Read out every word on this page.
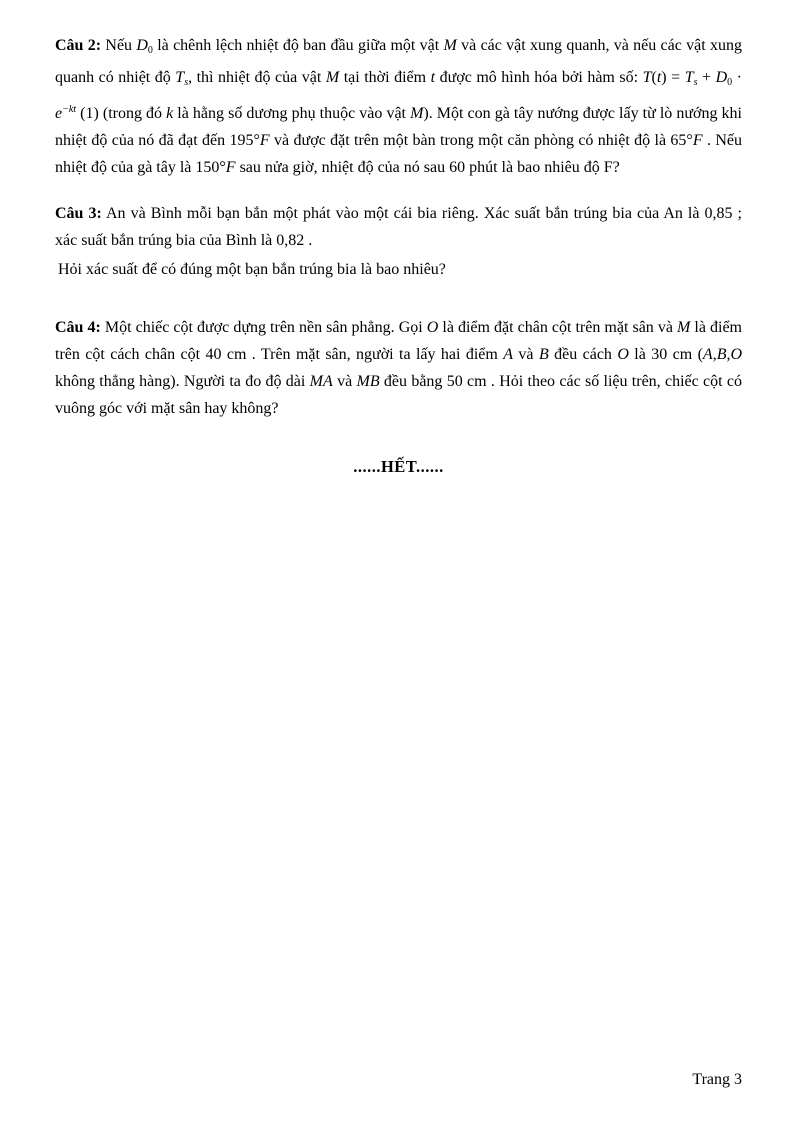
Câu 2: Nếu D0 là chênh lệch nhiệt độ ban đầu giữa một vật M và các vật xung quanh, và nếu các vật xung quanh có nhiệt độ Ts, thì nhiệt độ của vật M tại thời điểm t được mô hình hóa bởi hàm số: $T(t) = Ts + D0 \cdot e^{-kt}$ (1) (trong đó k là hằng số dương phụ thuộc vào vật M). Một con gà tây nướng được lấy từ lò nướng khi nhiệt độ của nó đã đạt đến 195°F và được đặt trên một bàn trong một căn phòng có nhiệt độ là 65°F . Nếu nhiệt độ của gà tây là 150°F sau nửa giờ, nhiệt độ của nó sau 60 phút là bao nhiêu độ F?

Câu 3: An và Bình mỗi bạn bắn một phát vào một cái bia riêng. Xác suất bắn trúng bia của An là 0,85 ; xác suất bắn trúng bia của Bình là 0,82 .

Hỏi xác suất để có đúng một bạn bắn trúng bia là bao nhiêu?

Câu 4: Một chiếc cột được dựng trên nền sân phẳng. Gọi O là điểm đặt chân cột trên mặt sân và M là điểm trên cột cách chân cột 40 cm . Trên mặt sân, người ta lấy hai điểm A và B đều cách O là 30 cm (A,B,O không thẳng hàng). Người ta đo độ dài MA và MB đều bằng 50 cm . Hỏi theo các số liệu trên, chiếc cột có vuông góc với mặt sân hay không?

......HẾT......

Trang 3
